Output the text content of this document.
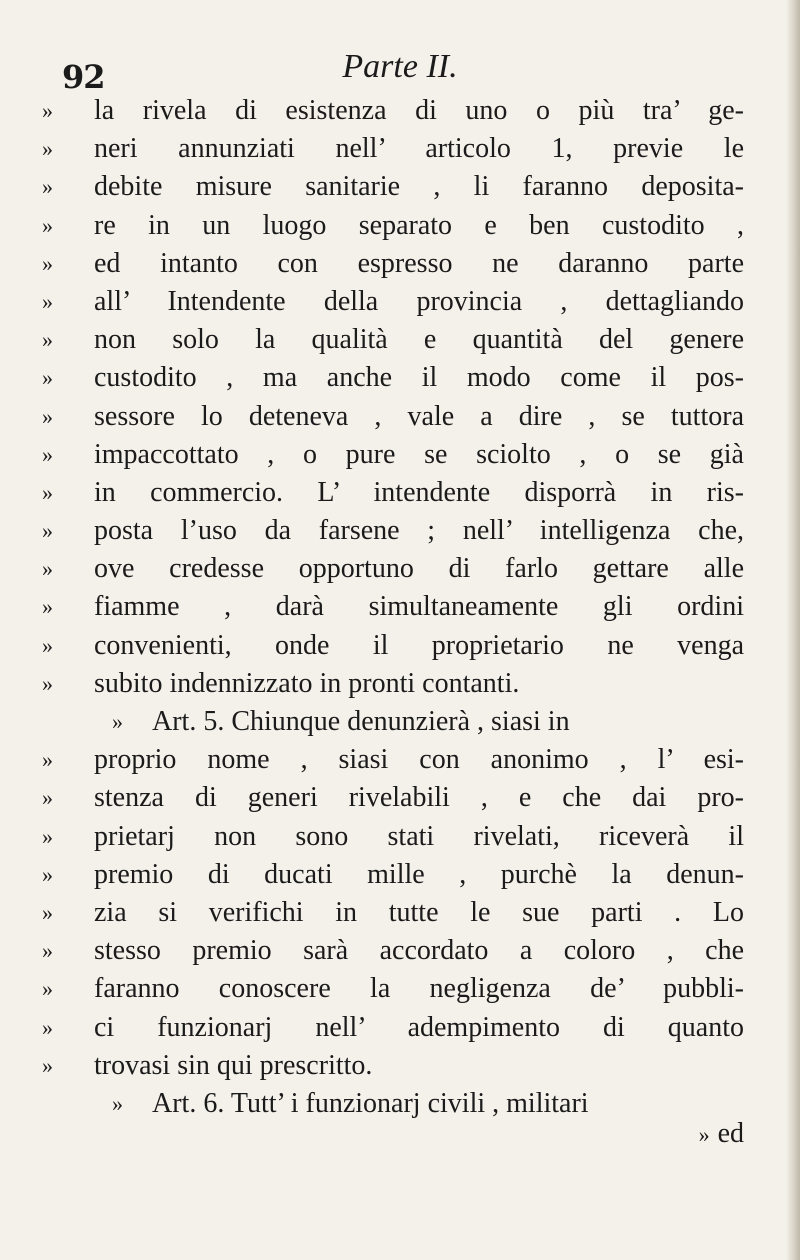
92	Parte II.
» la rivela di esistenza di uno o più tra’ ge-
» neri annunziati nell’ articolo 1, previe le
» debite misure sanitarie , li faranno deposita-
» re in un luogo separato e ben custodito ,
» ed intanto con espresso ne daranno parte
» all’ Intendente della provincia , dettagliando
» non solo la qualità e quantità del genere
» custodito , ma anche il modo come il pos-
» sessore lo deteneva , vale a dire , se tuttora
» impaccottato , o pure se sciolto , o se già
» in commercio. L’ intendente disporrà in ris-
» posta l’uso da farsene ; nell’ intelligenza che,
» ove credesse opportuno di farlo gettare alle
» fiamme , darà simultaneamente gli ordini
» convenienti, onde il proprietario ne venga
» subito indennizzato in pronti contanti.
» Art. 5. Chiunque denunzierà , siasi in
» proprio nome , siasi con anonimo , l’ esi-
» stenza di generi rivelabili , e che dai pro-
» prietarj non sono stati rivelati, riceverà il
» premio di ducati mille , purchè la denun-
» zia si verifichi in tutte le sue parti . Lo
» stesso premio sarà accordato a coloro , che
» faranno conoscere la negligenza de’ pubbli-
» ci funzionarj nell’ adempimento di quanto
» trovasi sin qui prescritto.
» Art. 6. Tutt’ i funzionarj civili , militari
» ed
